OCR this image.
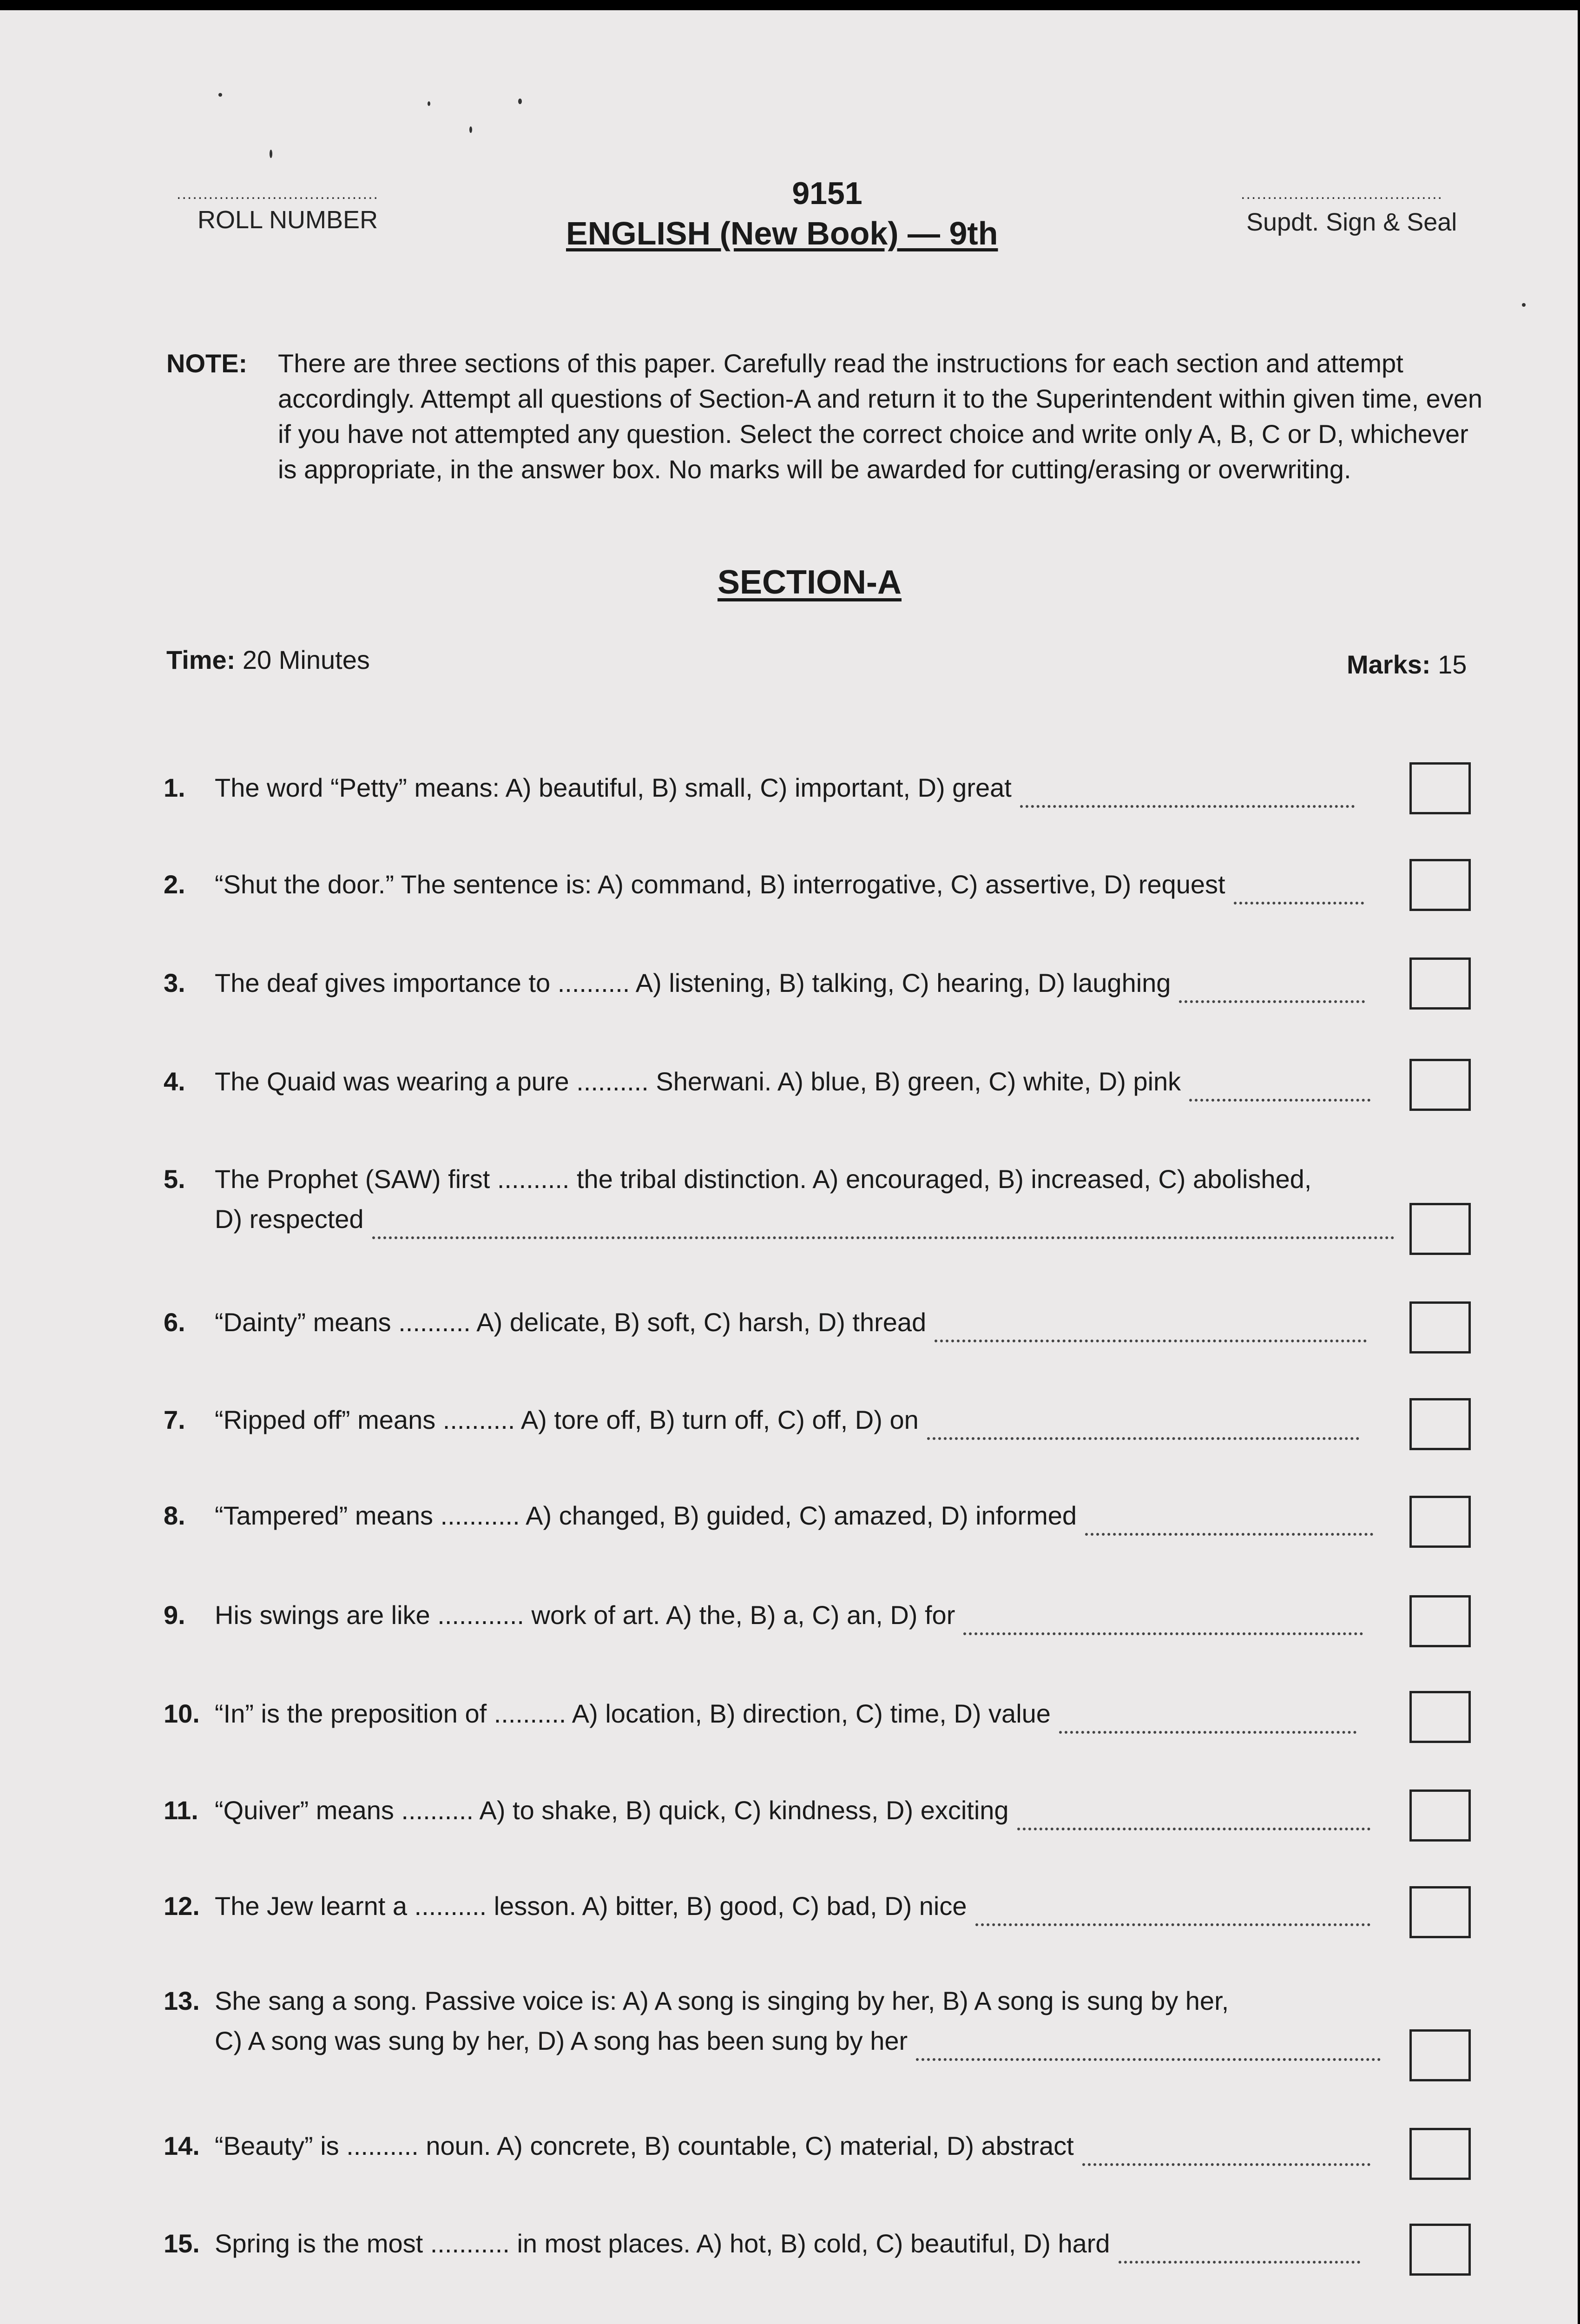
......................................
ROLL NUMBER
9151
ENGLISH (New Book) — 9th
......................................
Supdt. Sign & Seal
NOTE: There are three sections of this paper. Carefully read the instructions for each section and attempt accordingly. Attempt all questions of Section-A and return it to the Superintendent within given time, even if you have not attempted any question. Select the correct choice and write only A, B, C or D, whichever is appropriate, in the answer box. No marks will be awarded for cutting/erasing or overwriting.
SECTION-A
Time: 20 Minutes	Marks: 15
1. The word “Petty” means: A) beautiful, B) small, C) important, D) great
2. “Shut the door.” The sentence is: A) command, B) interrogative, C) assertive, D) request
3. The deaf gives importance to .......... A) listening, B) talking, C) hearing, D) laughing
4. The Quaid was wearing a pure .......... Sherwani. A) blue, B) green, C) white, D) pink
5. The Prophet (SAW) first .......... the tribal distinction. A) encouraged, B) increased, C) abolished,
D) respected
6. “Dainty” means .......... A) delicate, B) soft, C) harsh, D) thread
7. “Ripped off” means .......... A) tore off, B) turn off, C) off, D) on
8. “Tampered” means ........... A) changed, B) guided, C) amazed, D) informed
9. His swings are like ............ work of art. A) the, B) a, C) an, D) for
10. “In” is the preposition of .......... A) location, B) direction, C) time, D) value
11. “Quiver” means .......... A) to shake, B) quick, C) kindness, D) exciting
12. The Jew learnt a .......... lesson. A) bitter, B) good, C) bad, D) nice
13. She sang a song. Passive voice is: A) A song is singing by her, B) A song is sung by her,
C) A song was sung by her, D) A song has been sung by her
14. “Beauty” is .......... noun. A) concrete, B) countable, C) material, D) abstract
15. Spring is the most ........... in most places. A) hot, B) cold, C) beautiful, D) hard
